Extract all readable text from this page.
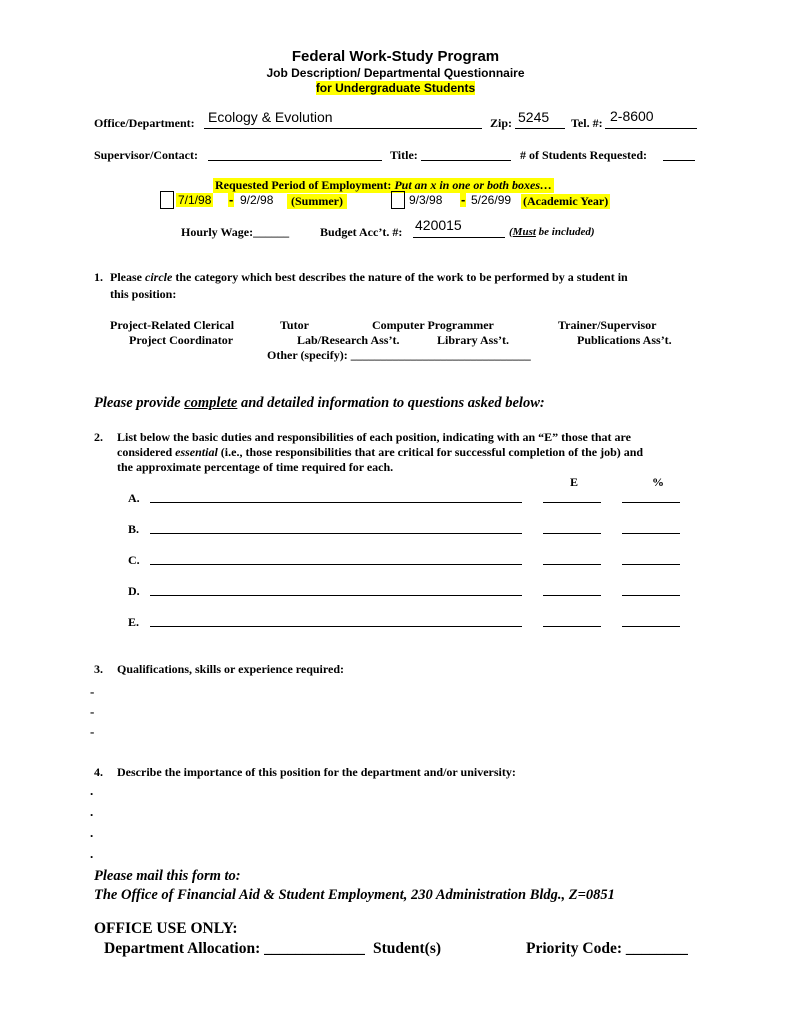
Federal Work-Study Program
Job Description/ Departmental Questionnaire
for Undergraduate Students
Office/Department: Ecology & Evolution	Zip: 5245 Tel. #: 2-8600
Supervisor/Contact:	Title:	# of Students Requested:
Requested Period of Employment: Put an x in one or both boxes…
7/1/98 - 9/2/98	(Summer)	9/3/98 - 5/26/99 (Academic Year)
Hourly Wage:______	Budget Acc’t. #: 420015	(Must be included)
1. Please circle the category which best describes the nature of the work to be performed by a student in
this position:
Project-Related Clerical	Tutor	Computer Programmer	Trainer/Supervisor
Project Coordinator	Lab/Research Ass’t.	Library Ass’t.	Publications Ass’t.
Other (specify): ______________________________
Please provide complete and detailed information to questions asked below:
2. List below the basic duties and responsibilities of each position, indicating with an “E” those that are
considered essential (i.e., those responsibilities that are critical for successful completion of the job) and
the approximate percentage of time required for each.
E	%
A.
B.
C.
D.
E.
3. Qualifications, skills or experience required:
-
-
-
4. Describe the importance of this position for the department and/or university:
.
.
.
.
Please mail this form to:
The Office of Financial Aid & Student Employment, 230 Administration Bldg., Z=0851
OFFICE USE ONLY:
Department Allocation: _____________ Student(s)	Priority Code: ________
